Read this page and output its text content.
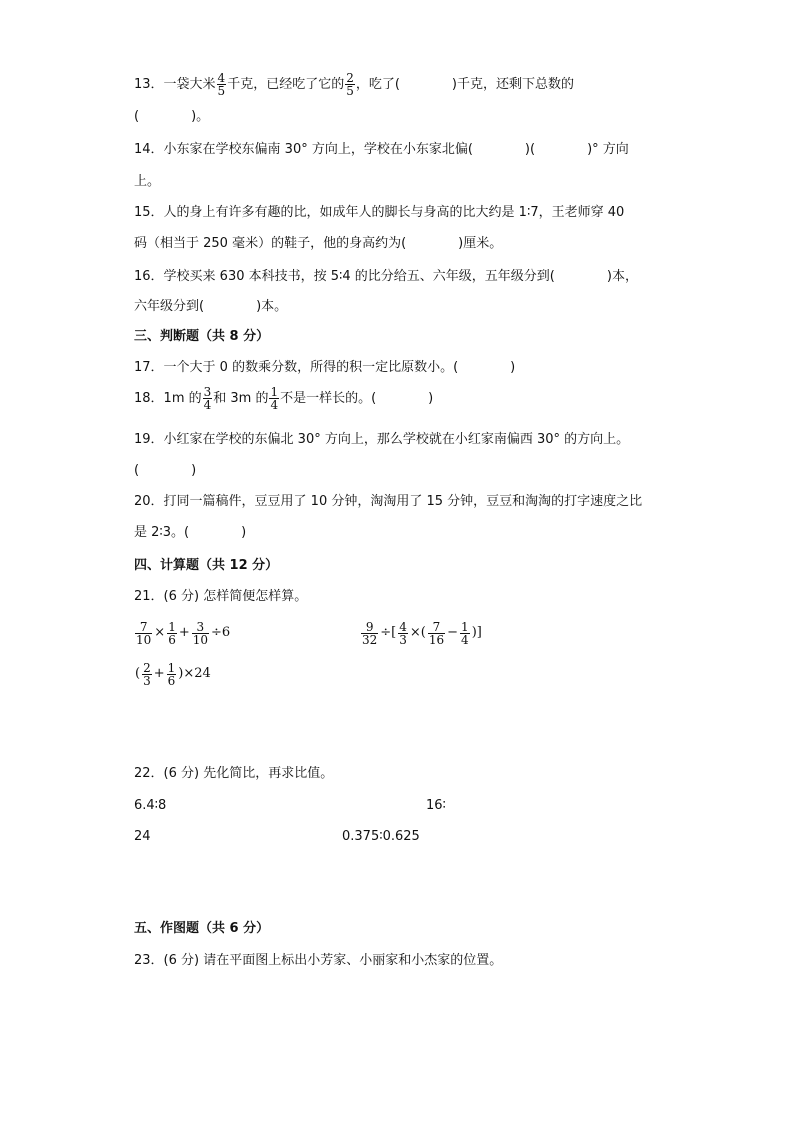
13．一袋大米 $\frac{4}{5}$ 千克，已经吃了它的 $\frac{2}{5}$ ，吃了(　　　　)千克，还剩下总数的
(　　　　)。
14．小东家在学校东偏南 30° 方向上，学校在小东家北偏(　　　　)(　　　　)° 方向
上。
15．人的身上有许多有趣的比，如成年人的脚长与身高的比大约是 1∶7，王老师穿 40
码（相当于 250 毫米）的鞋子，他的身高约为(　　　　)厘米。
16．学校买来 630 本科技书，按 5∶4 的比分给五、六年级，五年级分到(　　　　)本，
六年级分到(　　　　)本。
三、判断题（共 8 分）
17．一个大于 0 的数乘分数，所得的积一定比原数小。(　　　　)
18．1m 的 $\frac{3}{4}$ 和 3m 的 $\frac{1}{4}$ 不是一样长的。(　　　　)
19．小红家在学校的东偏北 30° 方向上，那么学校就在小红家南偏西 30° 的方向上。
(　　　　)
20．打同一篇稿件，豆豆用了 10 分钟，淘淘用了 15 分钟，豆豆和淘淘的打字速度之比
是 2∶3。(　　　　)
四、计算题（共 12 分）
21．(6 分) 怎样简便怎样算。
$\frac{7}{10} \times \frac{1}{6} + \frac{3}{10} \div 6$	$\frac{9}{32}$ ÷[ $\frac{4}{3}$ ×( $\frac{7}{16} - \frac{1}{4}$ )]
( $\frac{2}{3} + \frac{1}{6} )\times 24$
22．(6 分) 先化简比，再求比值。
6.4∶8	16∶
24	0.375∶0.625
五、作图题（共 6 分）
23．(6 分) 请在平面图上标出小芳家、小丽家和小杰家的位置。
